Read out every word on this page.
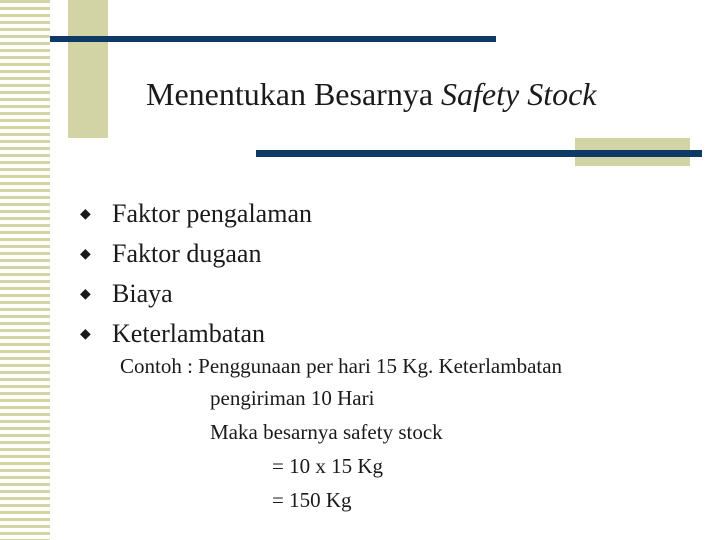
Menentukan Besarnya Safety Stock
◆ Faktor pengalaman
◆ Faktor dugaan
◆ Biaya
◆ Keterlambatan
Contoh : Penggunaan per hari 15 Kg. Keterlambatan
pengiriman 10 Hari
Maka besarnya safety stock
= 10 x 15 Kg
= 150 Kg
